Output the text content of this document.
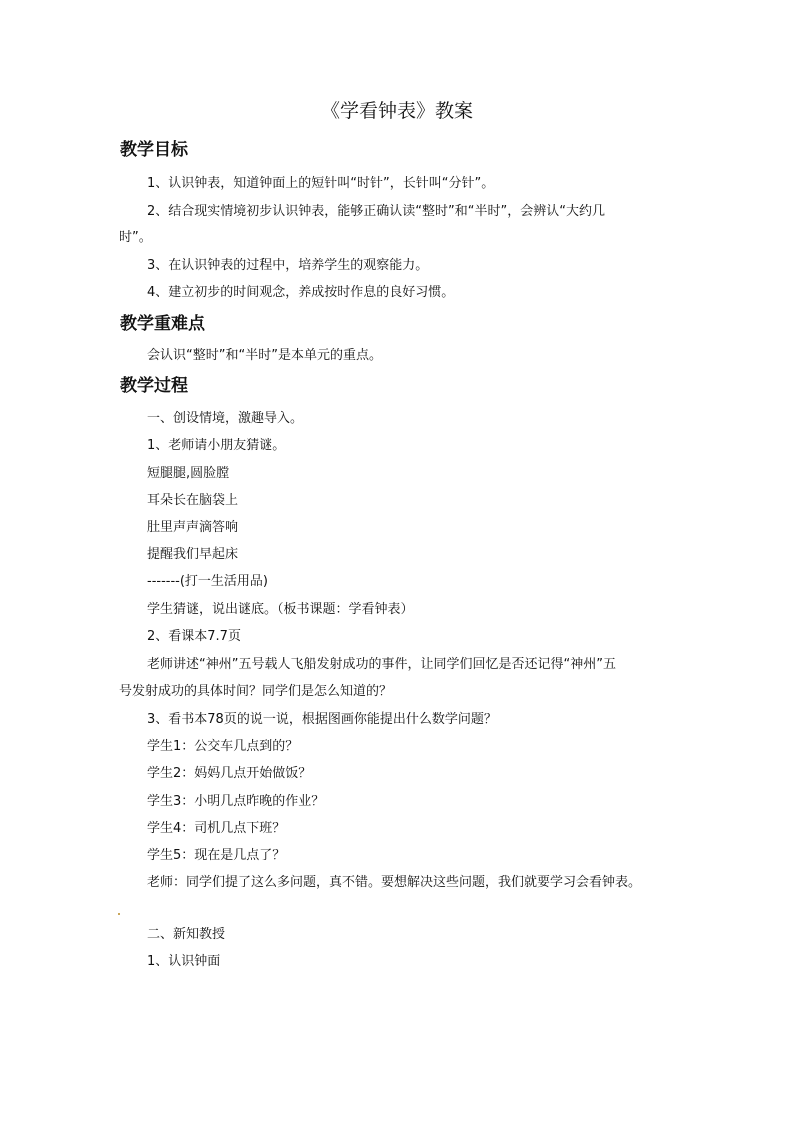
《学看钟表》教案
教学目标
1、认识钟表，知道钟面上的短针叫“时针”，长针叫“分针”。
2、结合现实情境初步认识钟表，能够正确认读“整时”和“半时”，会辨认“大约几
时”。
3、在认识钟表的过程中，培养学生的观察能力。
4、建立初步的时间观念，养成按时作息的良好习惯。
教学重难点
会认识“整时”和“半时”是本单元的重点。
教学过程
一、创设情境，激趣导入。
1、老师请小朋友猜谜。
短腿腿,圆脸膛
耳朵长在脑袋上
肚里声声滴答响
提醒我们早起床
-------(打一生活用品)
学生猜谜，说出谜底。（板书课题：学看钟表）
2、看课本7.7页
老师讲述“神州”五号载人飞船发射成功的事件，让同学们回忆是否还记得“神州”五
号发射成功的具体时间？同学们是怎么知道的？
3、看书本78页的说一说，根据图画你能提出什么数学问题？
学生1：公交车几点到的？
学生2：妈妈几点开始做饭？
学生3：小明几点昨晚的作业？
学生4：司机几点下班？
学生5：现在是几点了？
老师：同学们提了这么多问题，真不错。要想解决这些问题，我们就要学习会看钟表。
二、新知教授
1、认识钟面
